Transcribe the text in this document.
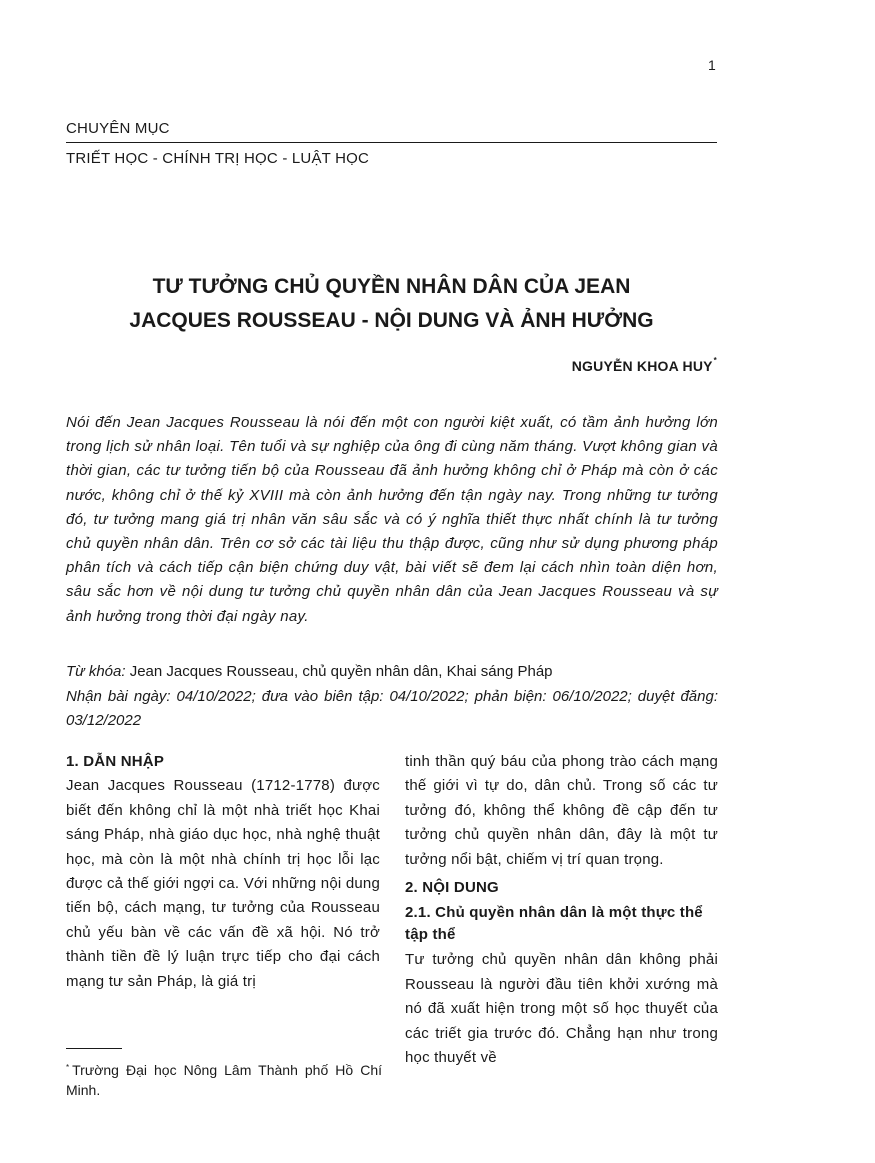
1
CHUYÊN MỤC
TRIẾT HỌC - CHÍNH TRỊ HỌC - LUẬT HỌC
TƯ TƯỞNG CHỦ QUYỀN NHÂN DÂN CỦA JEAN
JACQUES ROUSSEAU - NỘI DUNG VÀ ẢNH HƯỞNG
NGUYỄN KHOA HUY*

Nói đến Jean Jacques Rousseau là nói đến một con người kiệt xuất, có tầm ảnh hưởng lớn trong lịch sử nhân loại. Tên tuổi và sự nghiệp của ông đi cùng năm tháng. Vượt không gian và thời gian, các tư tưởng tiến bộ của Rousseau đã ảnh hưởng không chỉ ở Pháp mà còn ở các nước, không chỉ ở thế kỷ XVIII mà còn ảnh hưởng đến tận ngày nay. Trong những tư tưởng đó, tư tưởng mang giá trị nhân văn sâu sắc và có ý nghĩa thiết thực nhất chính là tư tưởng chủ quyền nhân dân. Trên cơ sở các tài liệu thu thập được, cũng như sử dụng phương pháp phân tích và cách tiếp cận biện chứng duy vật, bài viết sẽ đem lại cách nhìn toàn diện hơn, sâu sắc hơn về nội dung tư tưởng chủ quyền nhân dân của Jean Jacques Rousseau và sự ảnh hưởng trong thời đại ngày nay.

Từ khóa: Jean Jacques Rousseau, chủ quyền nhân dân, Khai sáng Pháp

Nhận bài ngày: 04/10/2022; đưa vào biên tập: 04/10/2022; phản biện: 06/10/2022; duyệt đăng: 03/12/2022

1. DẪN NHẬP

Jean Jacques Rousseau (1712-1778) được biết đến không chỉ là một nhà triết học Khai sáng Pháp, nhà giáo dục học, nhà nghệ thuật học, mà còn là một nhà chính trị học lỗi lạc được cả thế giới ngợi ca. Với những nội dung tiến bộ, cách mạng, tư tưởng của Rousseau chủ yếu bàn về các vấn đề xã hội. Nó trở thành tiền đề lý luận trực tiếp cho đại cách mạng tư sản Pháp, là giá trị

tinh thần quý báu của phong trào cách mạng thế giới vì tự do, dân chủ. Trong số các tư tưởng đó, không thể không đề cập đến tư tưởng chủ quyền nhân dân, đây là một tư tưởng nổi bật, chiếm vị trí quan trọng.

2. NỘI DUNG
2.1. Chủ quyền nhân dân là một thực thể tập thể

Tư tưởng chủ quyền nhân dân không phải Rousseau là người đầu tiên khởi xướng mà nó đã xuất hiện trong một số học thuyết của các triết gia trước đó. Chẳng hạn như trong học thuyết về

* Trường Đại học Nông Lâm Thành phố Hồ Chí Minh.
